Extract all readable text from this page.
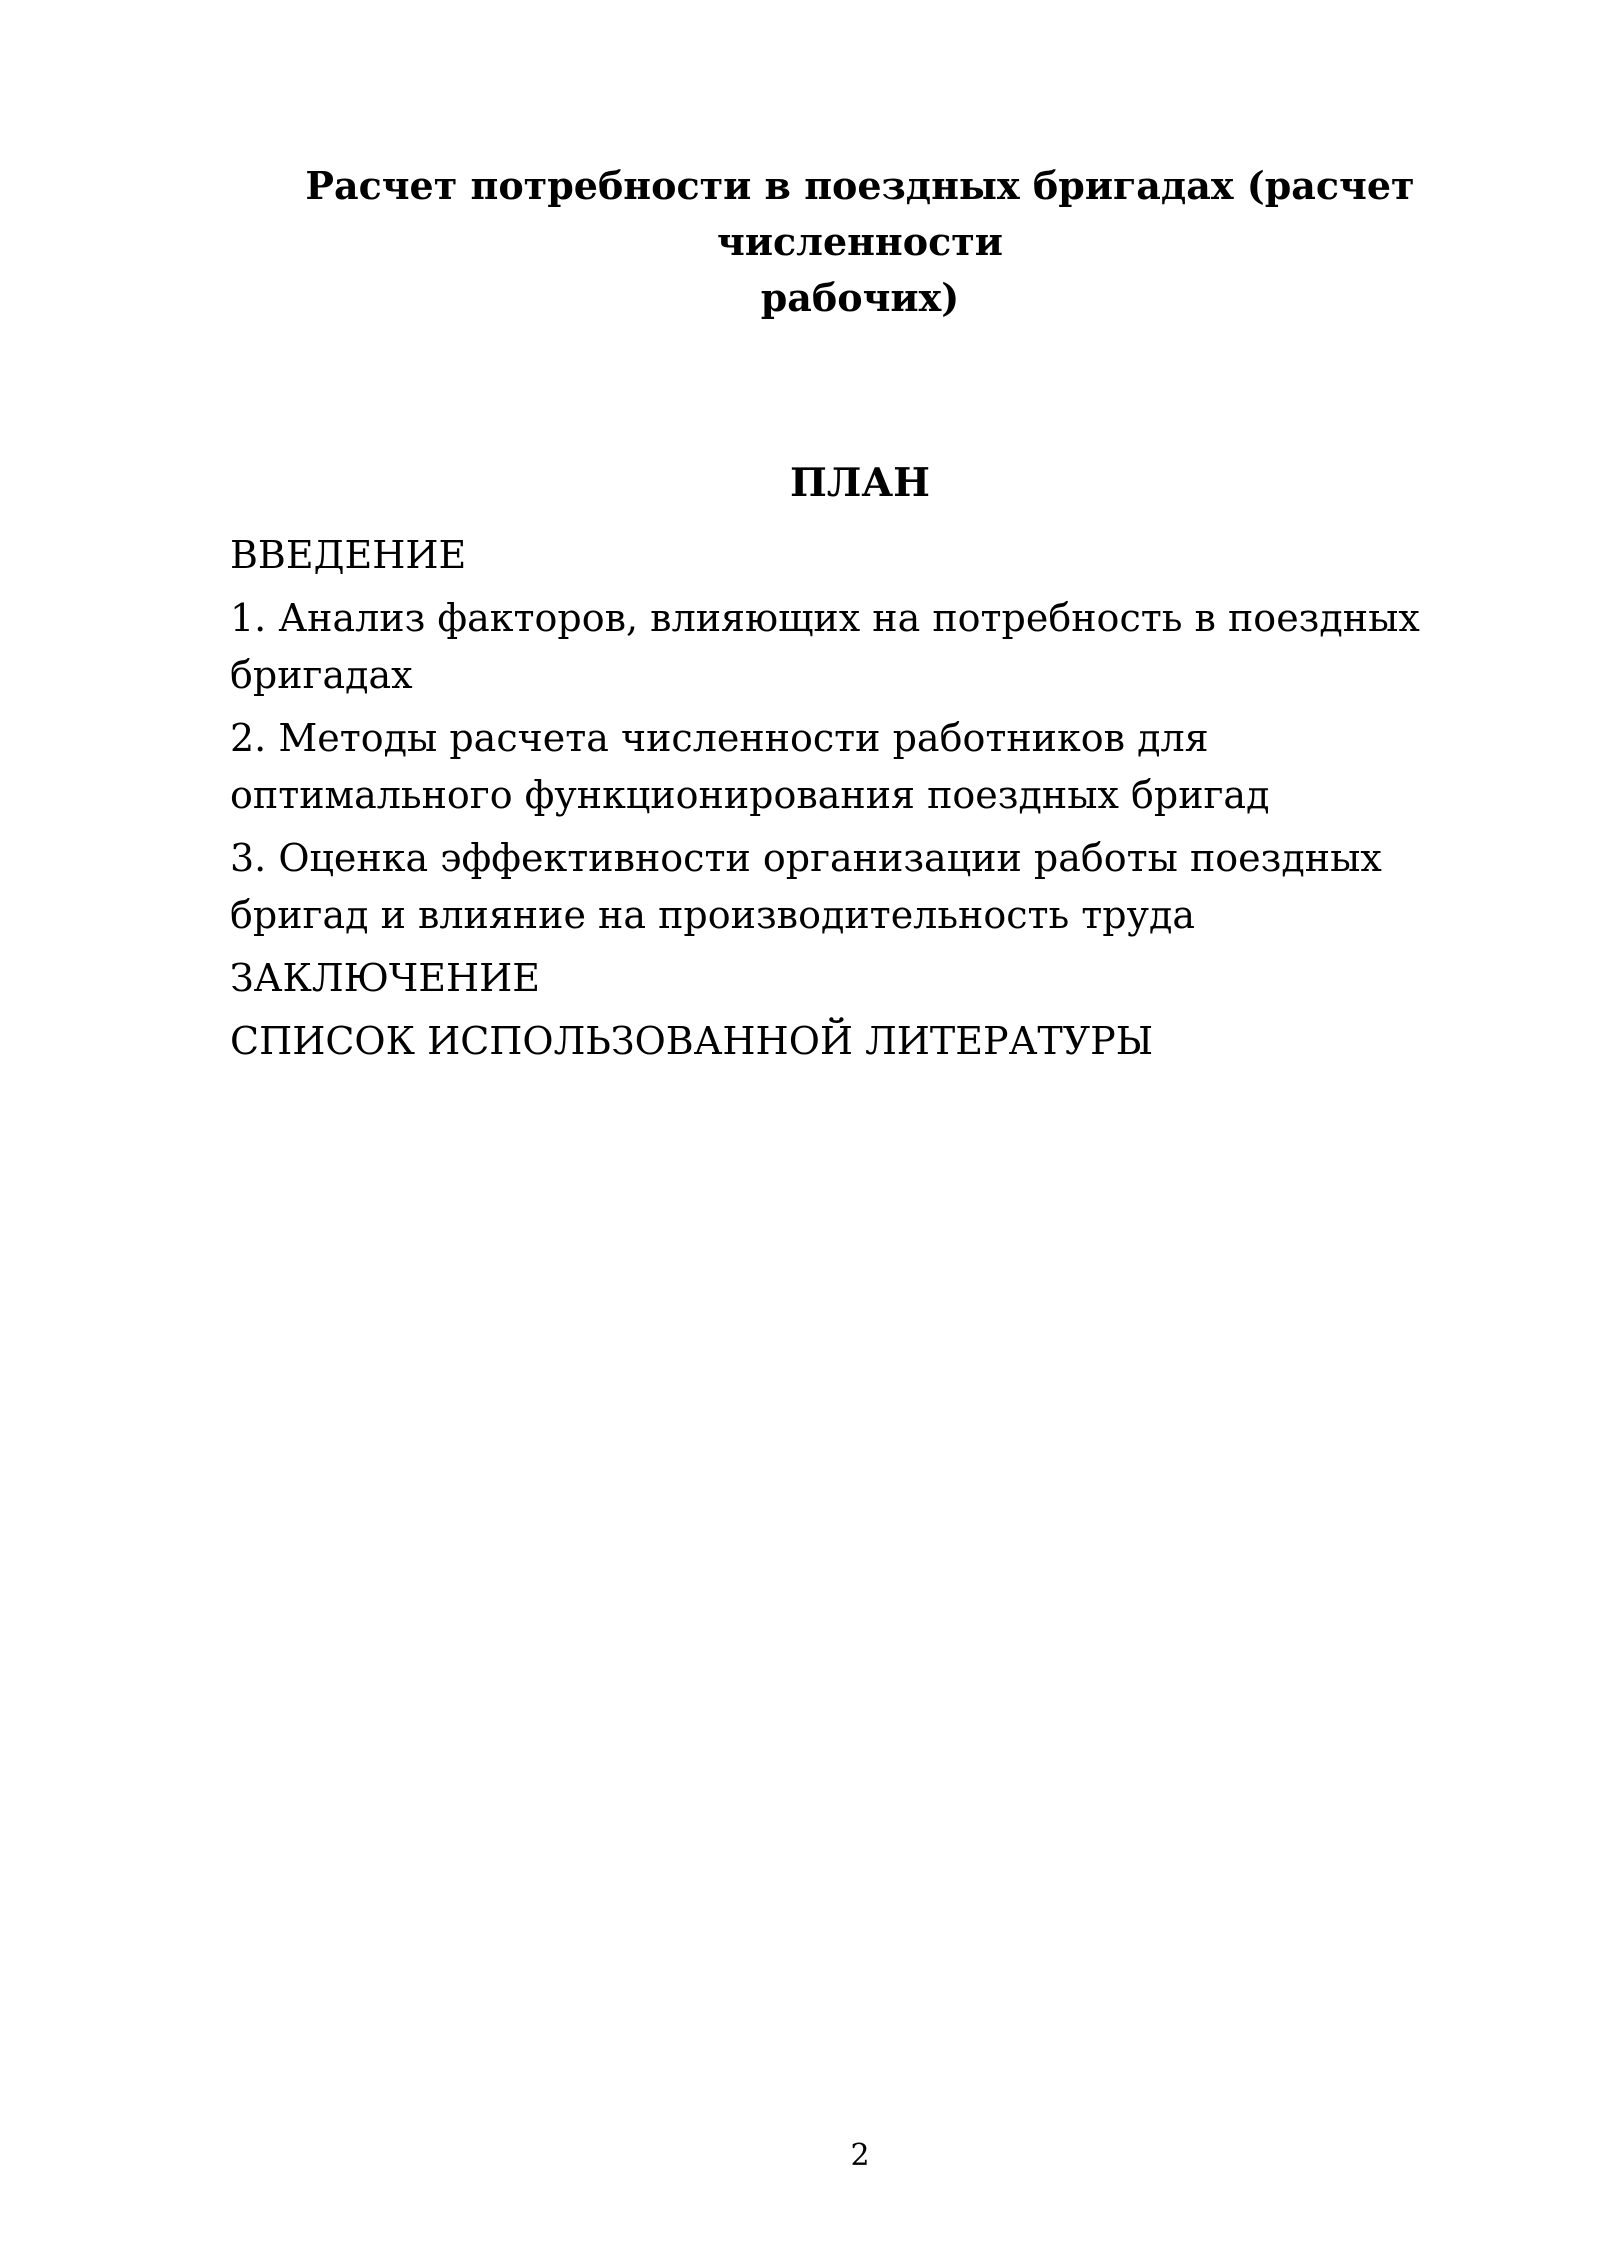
Расчет потребности в поездных бригадах (расчет
численности
рабочих)
ПЛАН
ВВЕДЕНИЕ
1. Анализ факторов, влияющих на потребность в поездных бригадах
2. Методы расчета численности работников для оптимального функционирования поездных бригад
3. Оценка эффективности организации работы поездных бригад и влияние на производительность труда
ЗАКЛЮЧЕНИЕ
СПИСОК ИСПОЛЬЗОВАННОЙ ЛИТЕРАТУРЫ
2
